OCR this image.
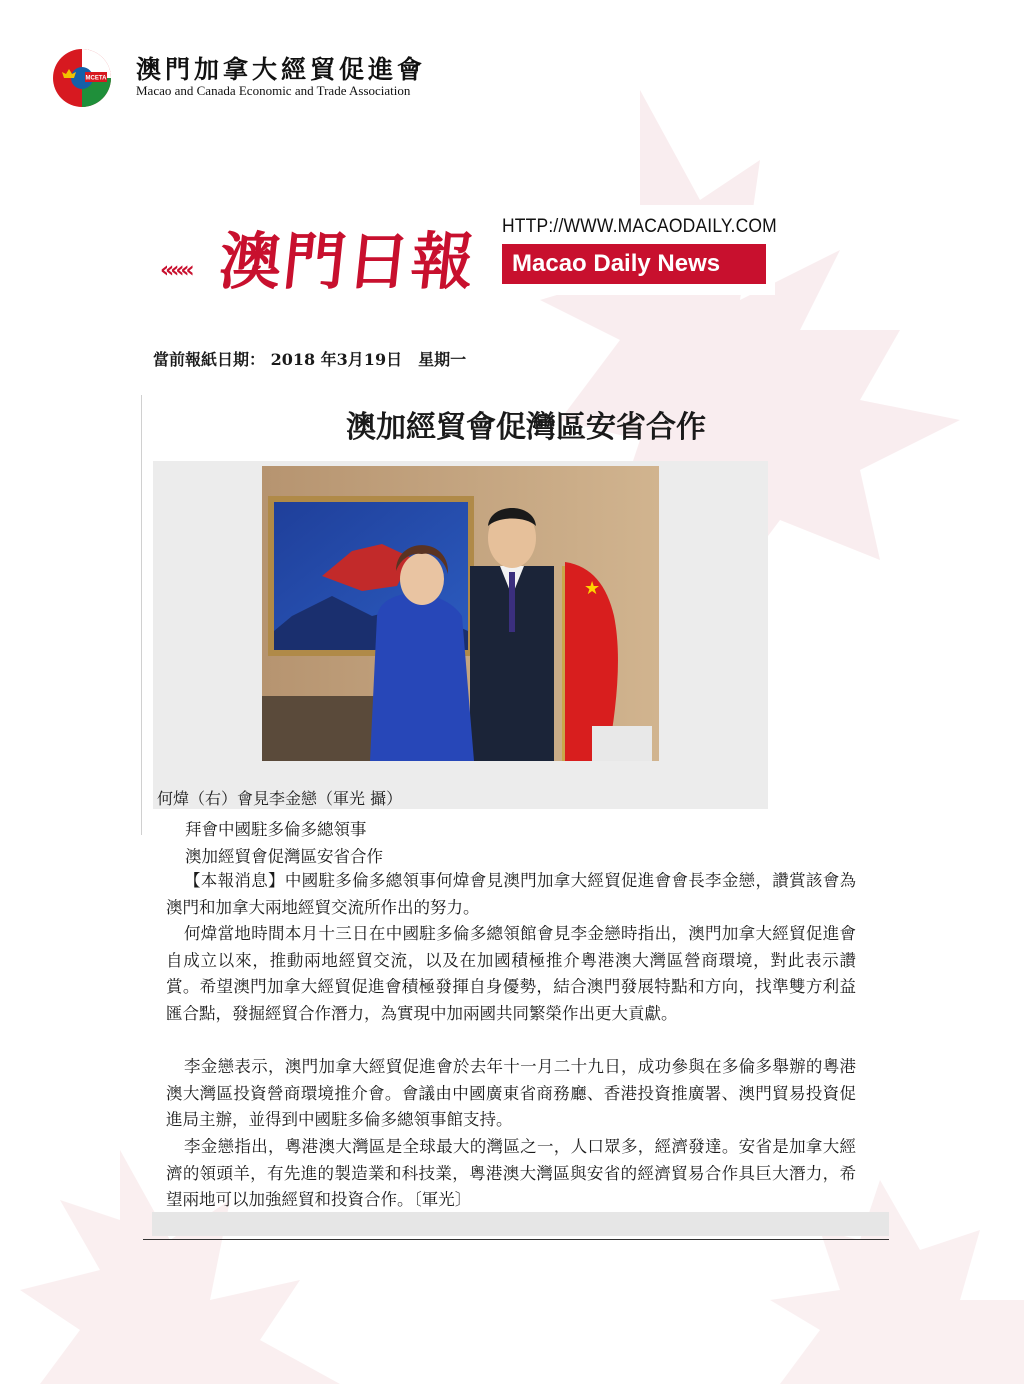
MCETA 澳門加拿大經貿促進會
Macao and Canada Economic and Trade Association
««« 澳門日報 HTTP://WWW.MACAODAILY.COM
Macao Daily News
當前報紙日期： 2018 年3月19日　星期一
澳加經貿會促灣區安省合作
★
何煒（右）會見李金戀（軍光 攝）
拜會中國駐多倫多總領事
澳加經貿會促灣區安省合作
【本報消息】中國駐多倫多總領事何煒會見澳門加拿大經貿促進會會長李金戀，讚賞該會為澳門和加拿大兩地經貿交流所作出的努力。
何煒當地時間本月十三日在中國駐多倫多總領館會見李金戀時指出，澳門加拿大經貿促進會自成立以來，推動兩地經貿交流，以及在加國積極推介粵港澳大灣區營商環境，對此表示讚賞。希望澳門加拿大經貿促進會積極發揮自身優勢，結合澳門發展特點和方向，找準雙方利益匯合點，發掘經貿合作潛力，為實現中加兩國共同繁榮作出更大貢獻。
李金戀表示，澳門加拿大經貿促進會於去年十一月二十九日，成功參與在多倫多舉辦的粵港澳大灣區投資營商環境推介會。會議由中國廣東省商務廳、香港投資推廣署、澳門貿易投資促進局主辦，並得到中國駐多倫多總領事館支持。
李金戀指出，粵港澳大灣區是全球最大的灣區之一，人口眾多，經濟發達。安省是加拿大經濟的領頭羊，有先進的製造業和科技業，粵港澳大灣區與安省的經濟貿易合作具巨大潛力，希望兩地可以加強經貿和投資合作。〔軍光〕
